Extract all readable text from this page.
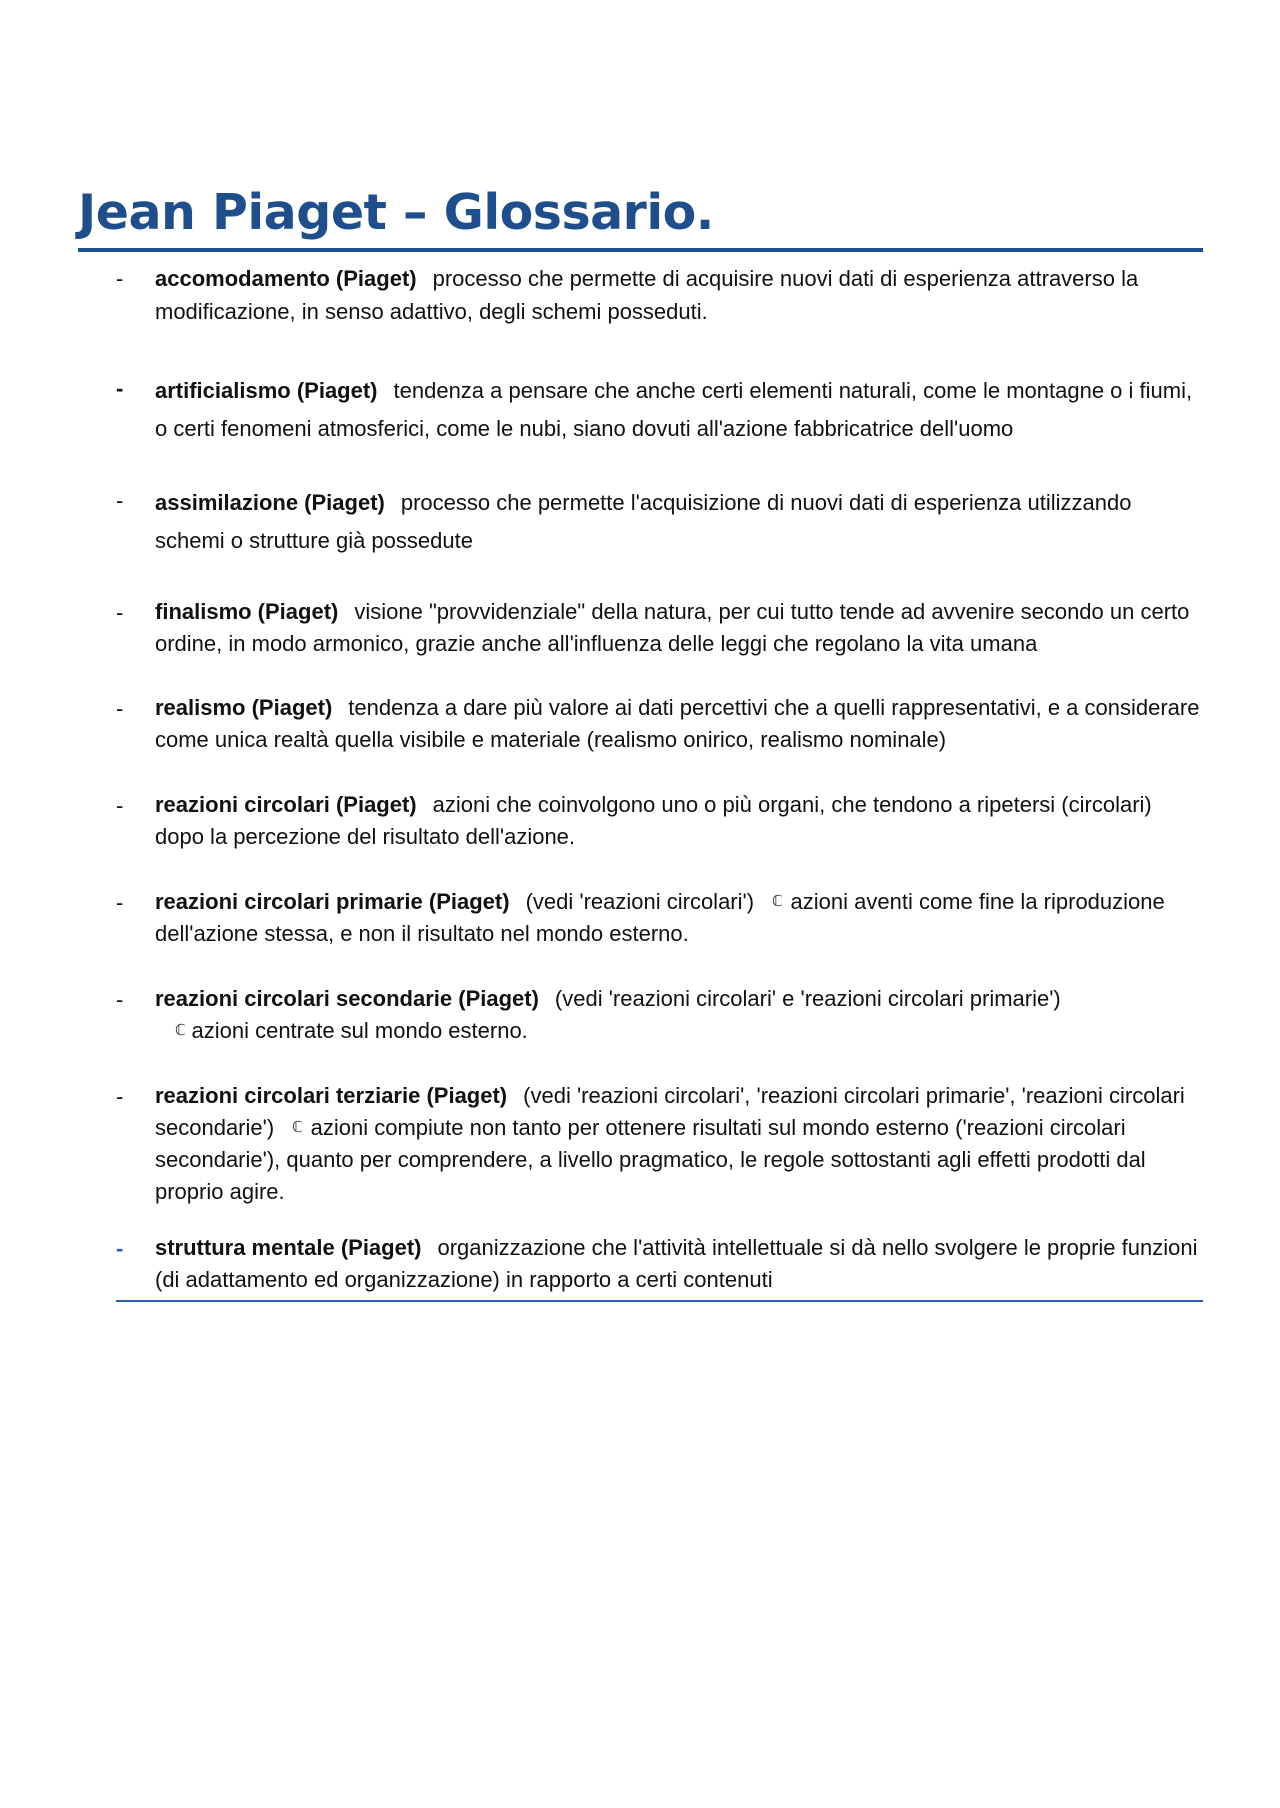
Jean Piaget – Glossario.
- accomodamento (Piaget) processo che permette di acquisire nuovi dati di esperienza attraverso la modificazione, in senso adattivo, degli schemi posseduti.
- artificialismo (Piaget) tendenza a pensare che anche certi elementi naturali, come le montagne o i fiumi, o certi fenomeni atmosferici, come le nubi, siano dovuti all'azione fabbricatrice dell'uomo
- assimilazione (Piaget) processo che permette l'acquisizione di nuovi dati di esperienza utilizzando schemi o strutture già possedute
- finalismo (Piaget) visione "provvidenziale" della natura, per cui tutto tende ad avvenire secondo un certo ordine, in modo armonico, grazie anche all'influenza delle leggi che regolano la vita umana
- realismo (Piaget) tendenza a dare più valore ai dati percettivi che a quelli rappresentativi, e a considerare come unica realtà quella visibile e materiale (realismo onirico, realismo nominale)
- reazioni circolari (Piaget) azioni che coinvolgono uno o più organi, che tendono a ripetersi (circolari) dopo la percezione del risultato dell'azione.
- reazioni circolari primarie (Piaget) (vedi 'reazioni circolari') ℂ azioni aventi come fine la riproduzione dell'azione stessa, e non il risultato nel mondo esterno.
- reazioni circolari secondarie (Piaget) (vedi 'reazioni circolari' e 'reazioni circolari primarie')
ℂ azioni centrate sul mondo esterno.
- reazioni circolari terziarie (Piaget) (vedi 'reazioni circolari', 'reazioni circolari primarie', 'reazioni circolari secondarie') ℂ azioni compiute non tanto per ottenere risultati sul mondo esterno ('reazioni circolari secondarie'), quanto per comprendere, a livello pragmatico, le regole sottostanti agli effetti prodotti dal proprio agire.
- struttura mentale (Piaget) organizzazione che l'attività intellettuale si dà nello svolgere le proprie funzioni (di adattamento ed organizzazione) in rapporto a certi contenuti
